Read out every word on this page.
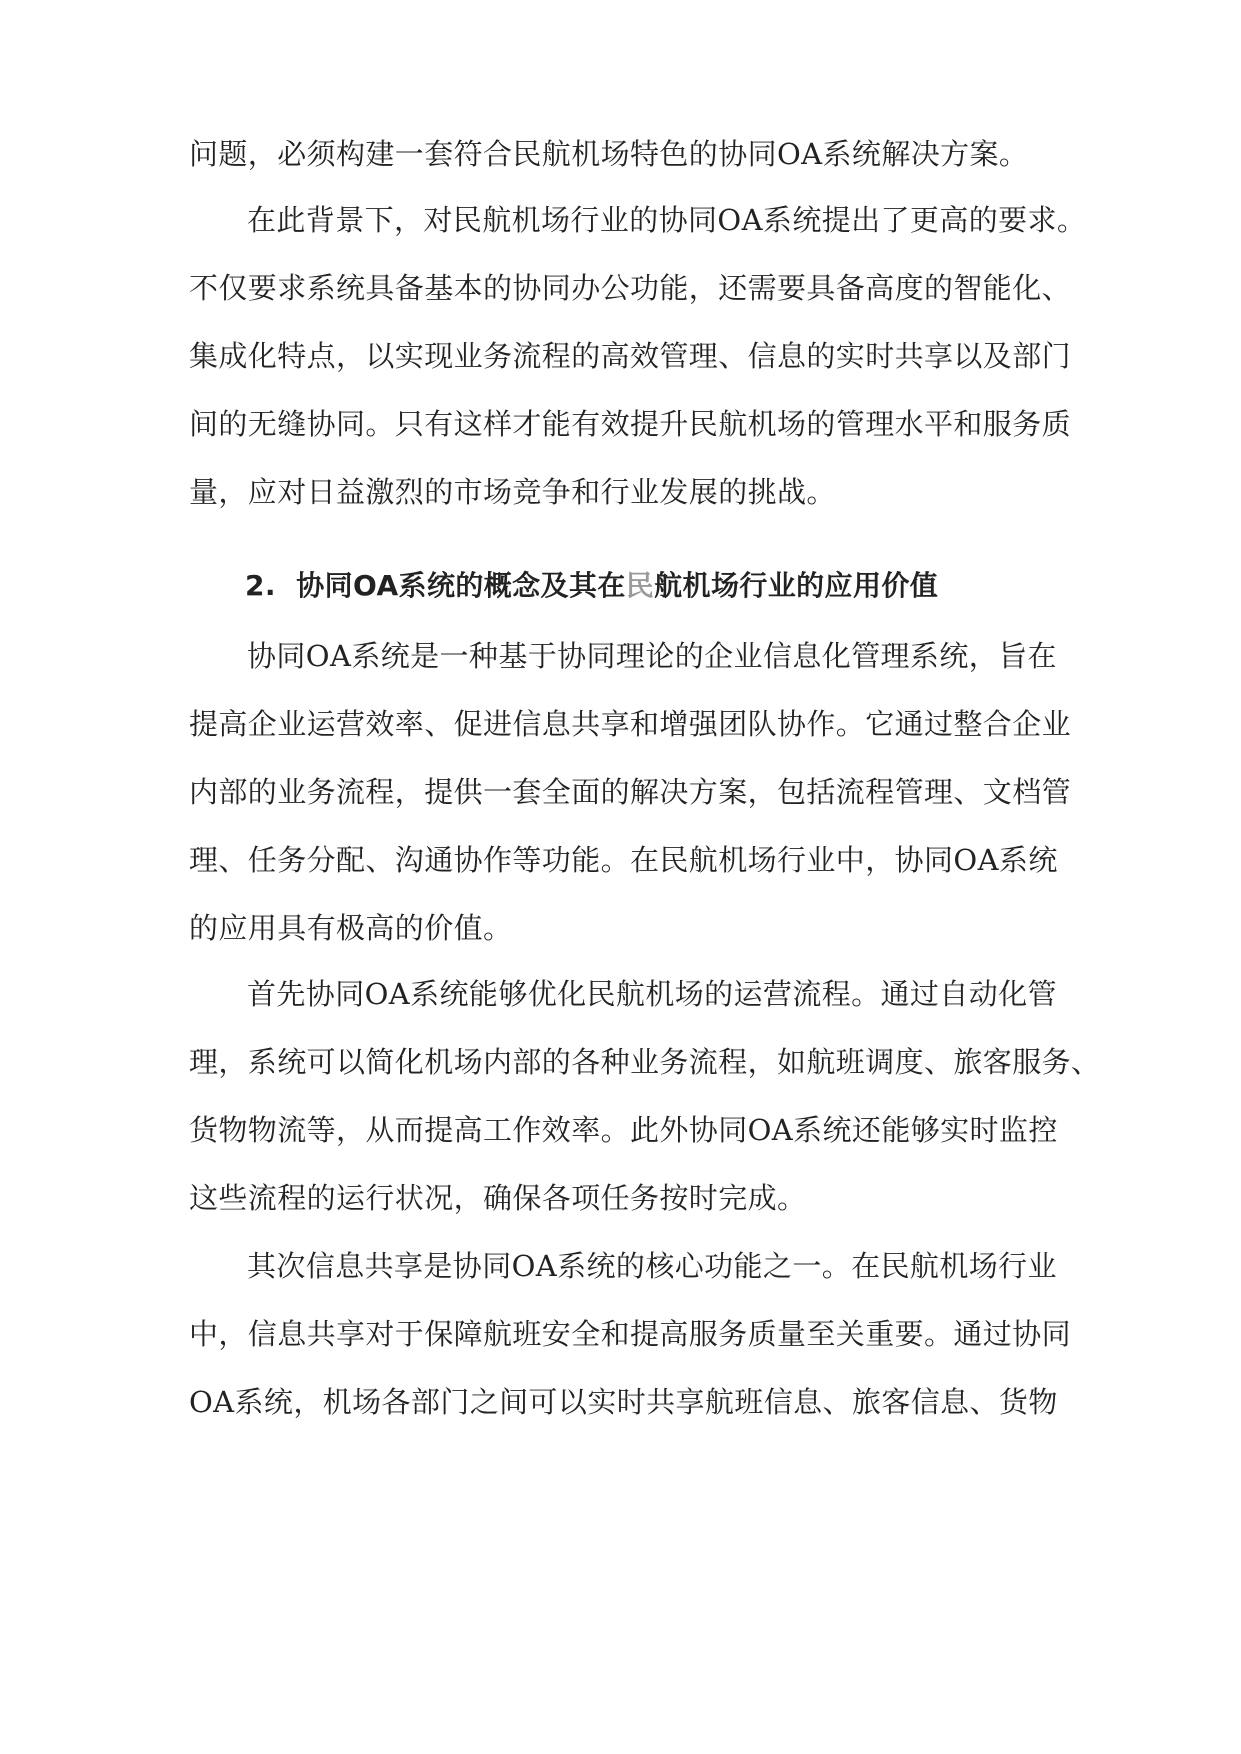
问题，必须构建一套符合民航机场特色的协同OA系统解决方案。
在此背景下，对民航机场行业的协同OA系统提出了更高的要求。
不仅要求系统具备基本的协同办公功能，还需要具备高度的智能化、
集成化特点，以实现业务流程的高效管理、信息的实时共享以及部门
间的无缝协同。只有这样才能有效提升民航机场的管理水平和服务质
量，应对日益激烈的市场竞争和行业发展的挑战。
2. 协同OA系统的概念及其在民航机场行业的应用价值
协同OA系统是一种基于协同理论的企业信息化管理系统，旨在
提高企业运营效率、促进信息共享和增强团队协作。它通过整合企业
内部的业务流程，提供一套全面的解决方案，包括流程管理、文档管
理、任务分配、沟通协作等功能。在民航机场行业中，协同OA系统
的应用具有极高的价值。
首先协同OA系统能够优化民航机场的运营流程。通过自动化管
理，系统可以简化机场内部的各种业务流程，如航班调度、旅客服务、
货物物流等，从而提高工作效率。此外协同OA系统还能够实时监控
这些流程的运行状况，确保各项任务按时完成。
其次信息共享是协同OA系统的核心功能之一。在民航机场行业
中，信息共享对于保障航班安全和提高服务质量至关重要。通过协同
OA系统，机场各部门之间可以实时共享航班信息、旅客信息、货物
